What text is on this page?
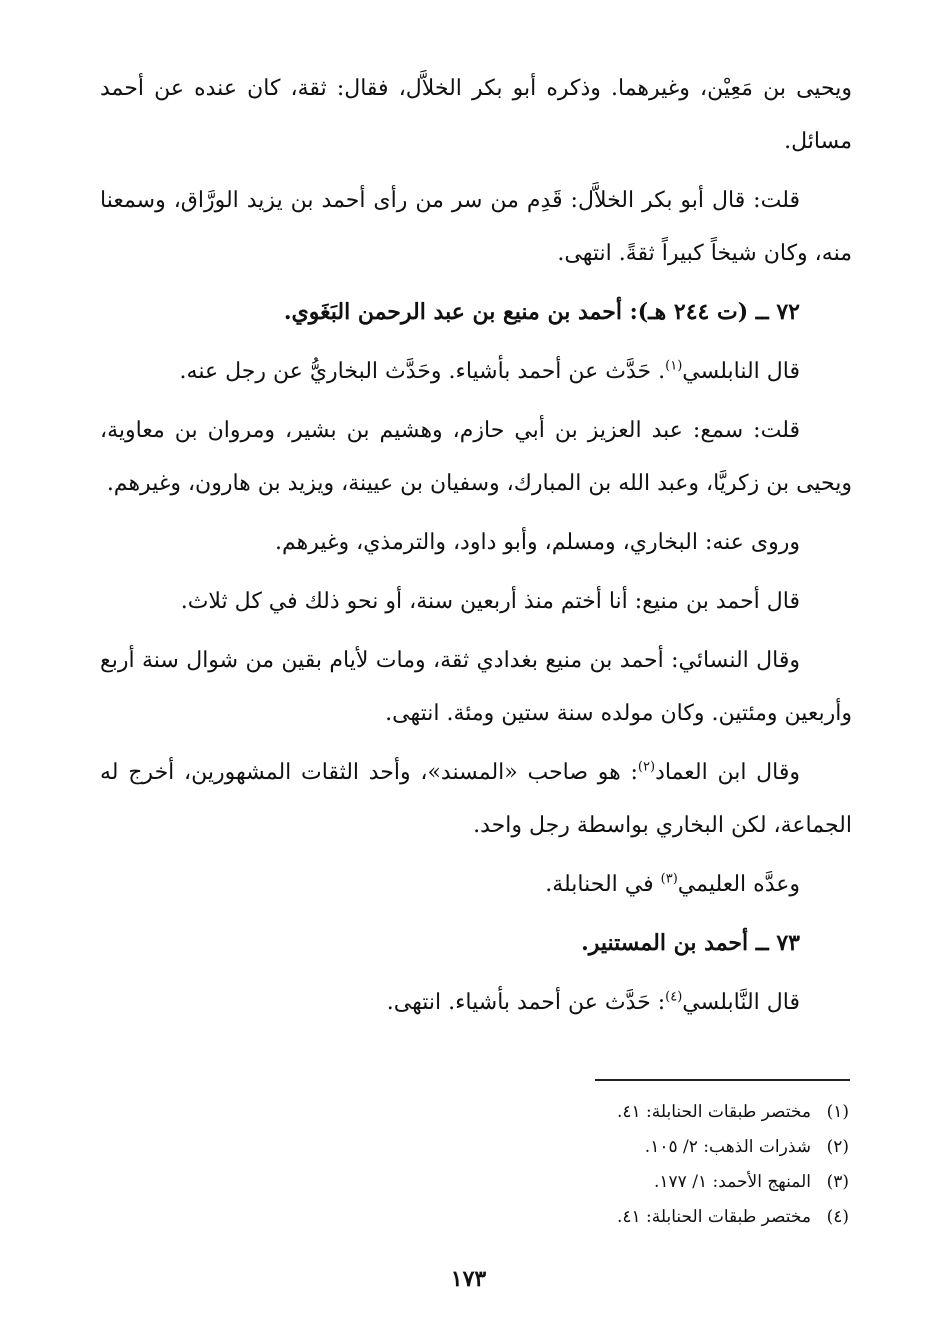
ويحيى بن مَعِيْن، وغيرهما. وذكره أبو بكر الخلاَّل، فقال: ثقة، كان عنده عن أحمد مسائل.

قلت: قال أبو بكر الخلاَّل: قَدِم من سر من رأى أحمد بن يزيد الورَّاق، وسمعنا منه، وكان شيخاً كبيراً ثقةً. انتهى.

٧٢ ــ (ت ٢٤٤ هـ): أحمد بن منيع بن عبد الرحمن البَغَوي.

قال النابلسي$^{(١)}$. حَدَّث عن أحمد بأشياء. وحَدَّث البخاريُّ عن رجل عنه.

قلت: سمع: عبد العزيز بن أبي حازم، وهشيم بن بشير، ومروان بن معاوية، ويحيى بن زكريَّا، وعبد الله بن المبارك، وسفيان بن عيينة، ويزيد بن هارون، وغيرهم.

وروى عنه: البخاري، ومسلم، وأبو داود، والترمذي، وغيرهم.

قال أحمد بن منيع: أنا أختم منذ أربعين سنة، أو نحو ذلك في كل ثلاث.

وقال النسائي: أحمد بن منيع بغدادي ثقة، ومات لأيام بقين من شوال سنة أربع وأربعين ومئتين. وكان مولده سنة ستين ومئة. انتهى.

وقال ابن العماد$^{(٢)}$: هو صاحب «المسند»، وأحد الثقات المشهورين، أخرج له الجماعة، لكن البخاري بواسطة رجل واحد.

وعدَّه العليمي$^{(٣)}$ في الحنابلة.

٧٣ ــ أحمد بن المستنير.

قال النَّابلسي$^{(٤)}$: حَدَّث عن أحمد بأشياء. انتهى.

(١)مختصر طبقات الحنابلة: ٤١.
(٢)شذرات الذهب: ٢/ ١٠٥.
(٣)المنهج الأحمد: ١/ ١٧٧.
(٤)مختصر طبقات الحنابلة: ٤١.
١٧٣
